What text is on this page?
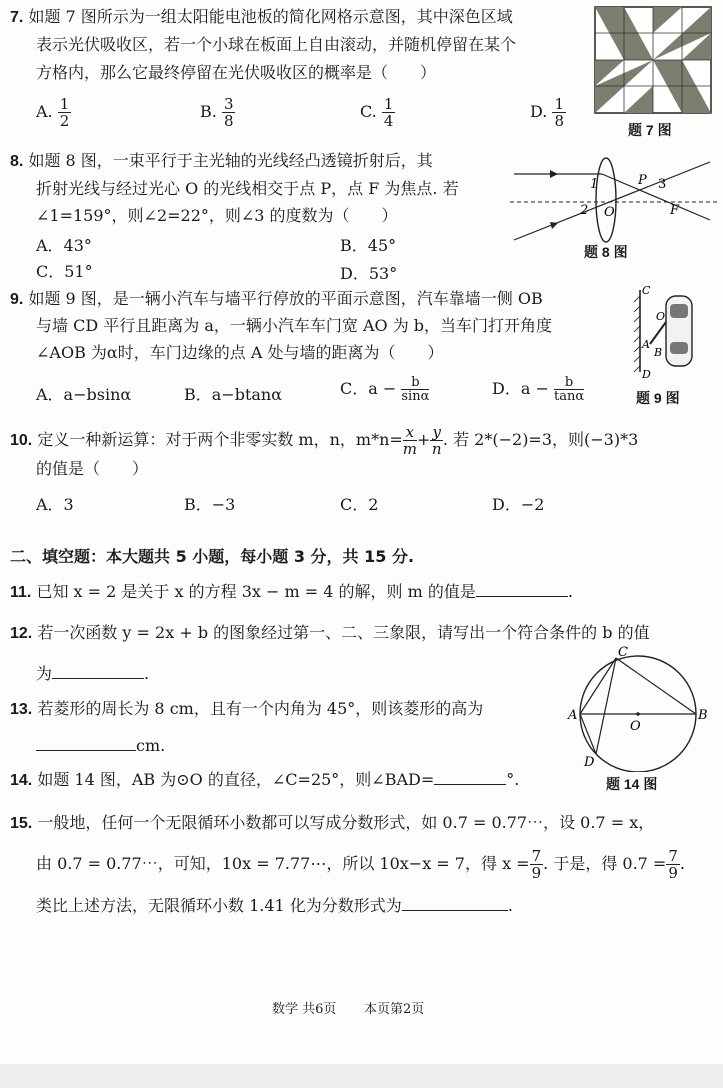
7. 如题 7 图所示为一组太阳能电池板的简化网格示意图，其中深色区域
表示光伏吸收区，若一个小球在板面上自由滚动，并随机停留在某个
方格内，那么它最终停留在光伏吸收区的概率是（　　）
A. $\frac{1}{2}$	B. $\frac{3}{8}$	C. $\frac{1}{4}$	D. $\frac{1}{8}$
题 7 图
8. 如题 8 图，一束平行于主光轴的光线经凸透镜折射后，其
折射光线与经过光心 O 的光线相交于点 P，点 F 为焦点. 若
∠1=159°，则∠2=22°，则∠3 的度数为（　　）
A．43°	B．45°
C．51°	D．53°
1
2
P 3
O	F
题 8 图
9. 如题 9 图，是一辆小汽车与墙平行停放的平面示意图，汽车靠墙一侧 OB
与墙 CD 平行且距离为 a，一辆小汽车车门宽 AO 为 b，当车门打开角度
∠AOB 为α时，车门边缘的点 A 处与墙的距离为（　　）
A．a−bsinα	B．a−btanα	C．$a - \frac{b}{\sin\alpha}$	D．$a - \frac{b}{\tan\alpha}$
C
O
A
B
D
题 9 图
10. 定义一种新运算：对于两个非零实数 m，n，$m*n= \frac{x}{m} + \frac{y}{n}$ . 若 2*(−2)=3，则(−3)*3
的值是（　　）
A．3	B．−3	C．2	D．−2
二、填空题：本大题共 5 小题，每小题 3 分，共 15 分.
11. 已知 x = 2 是关于 x 的方程 3x − m = 4 的解，则 m 的值是	.
12. 若一次函数 y = 2x + b 的图象经过第一、二、三象限，请写出一个符合条件的 b 的值
为	.
13. 若菱形的周长为 8 cm，且有一个内角为 45°，则该菱形的高为
cm.
14. 如题 14 图，AB 为⊙O 的直径，∠C=25°，则∠BAD=	°.
C
A	B
O
D
题 14 图
15. 一般地，任何一个无限循环小数都可以写成分数形式，如 0.7 = 0.77⋯，设 0.7 = x，
由 0.7 = 0.77⋯，可知，10x = 7.77⋯，所以 10x−x = 7，得 $x = \frac{7}{9}$ . 于是，得 $0.7 = \frac{7}{9}$ .
类比上述方法，无限循环小数 1.41 化为分数形式为	.
数学 共6页 本页第2页
